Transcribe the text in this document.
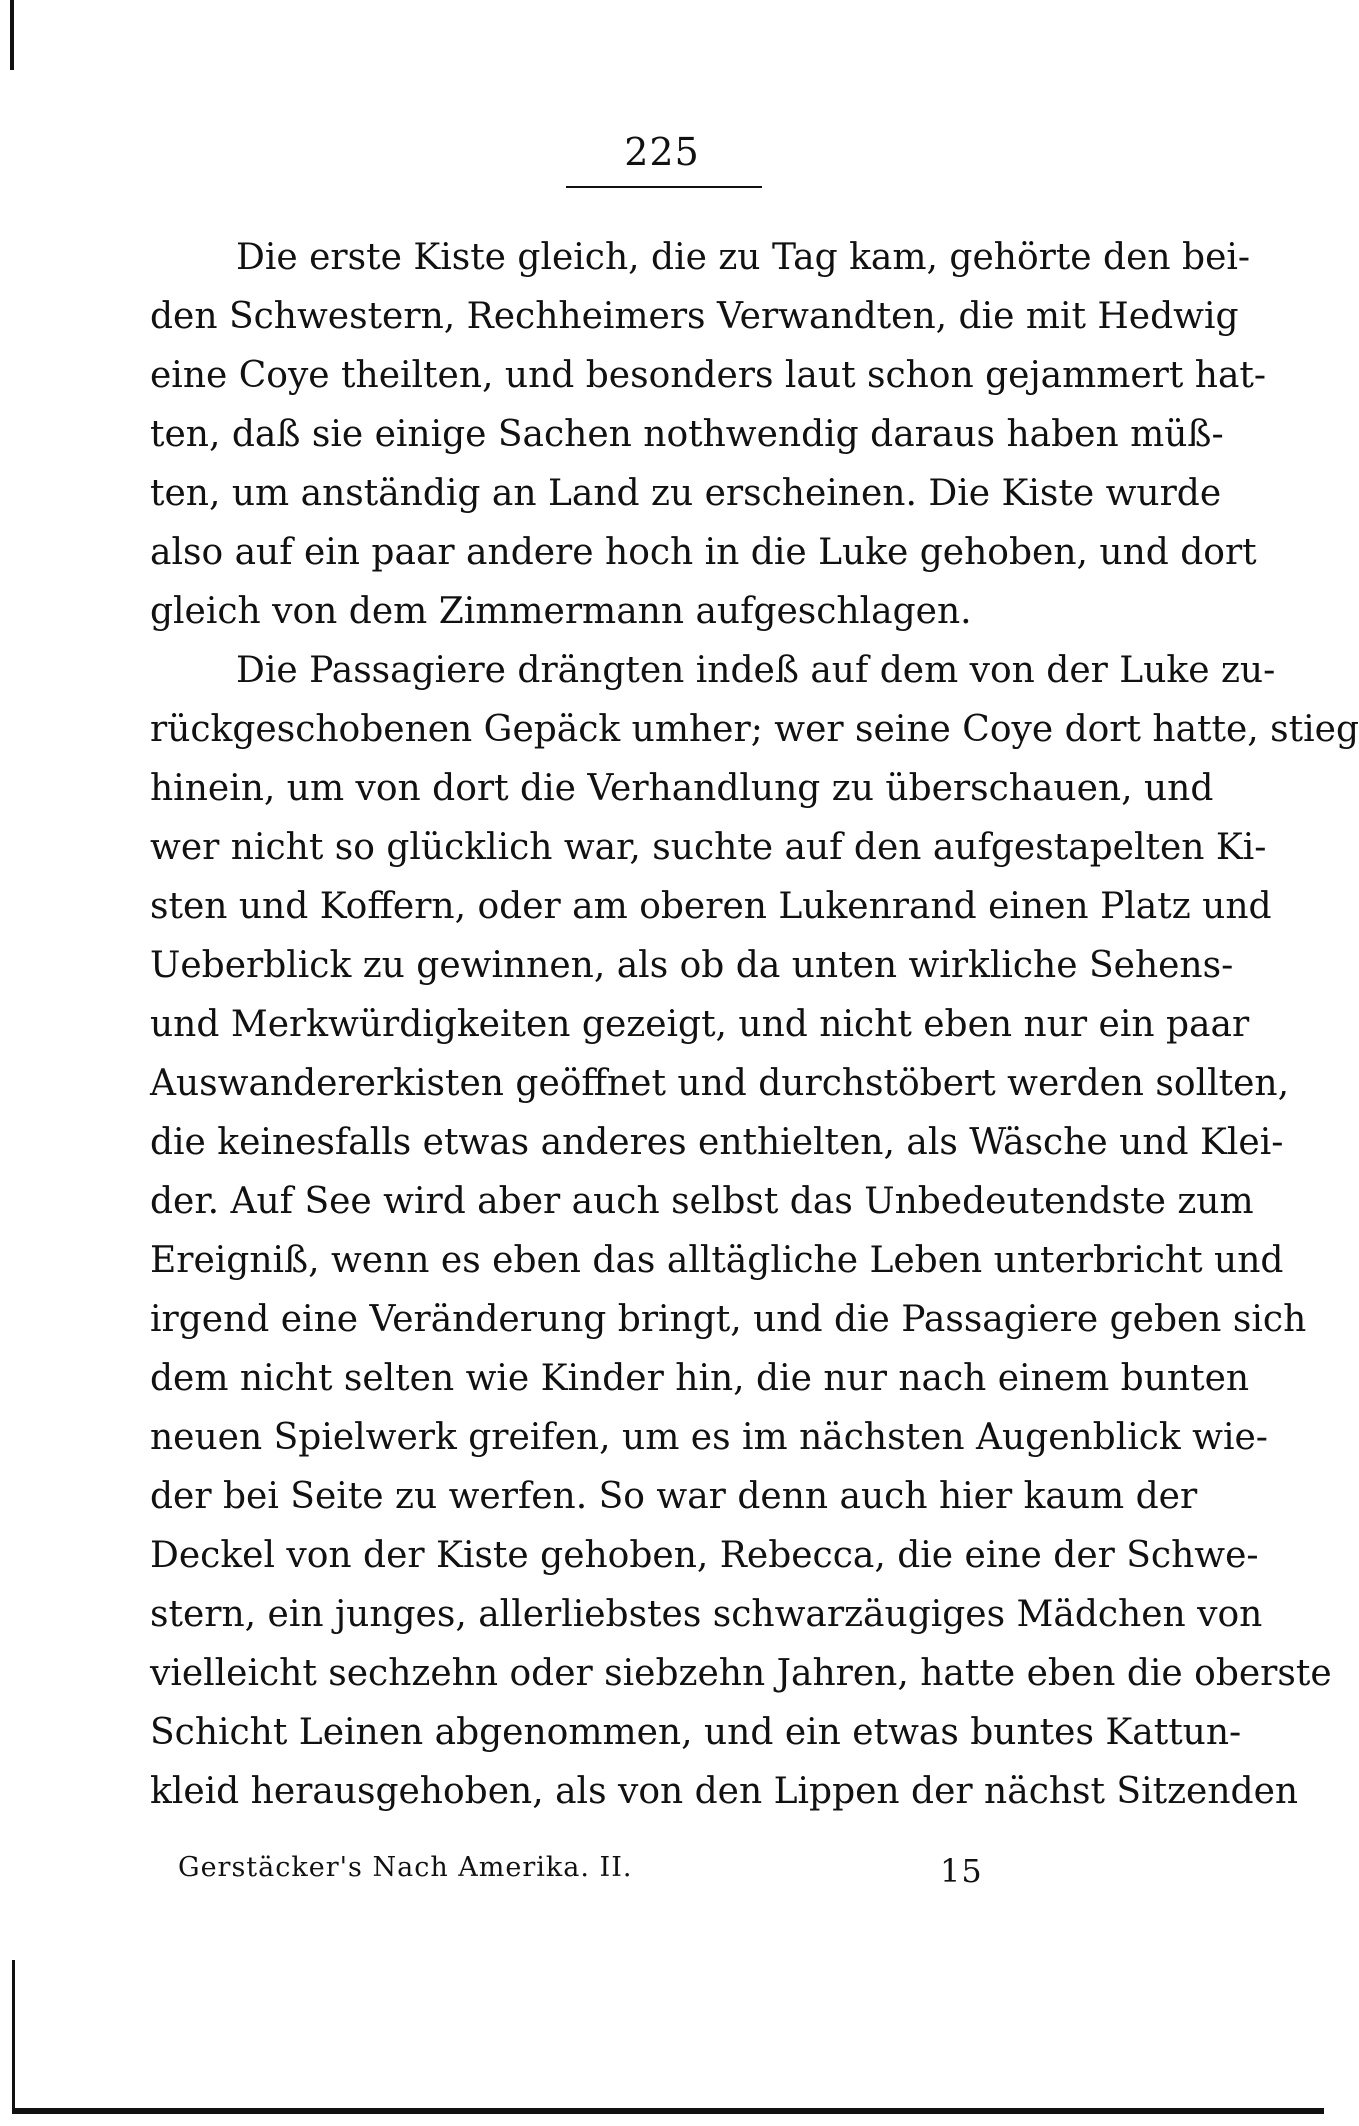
225
Die erste Kiste gleich, die zu Tag kam, gehörte den bei-
den Schwestern, Rechheimers Verwandten, die mit Hedwig
eine Coye theilten, und besonders laut schon gejammert hat-
ten, daß sie einige Sachen nothwendig daraus haben müß-
ten, um anständig an Land zu erscheinen. Die Kiste wurde
also auf ein paar andere hoch in die Luke gehoben, und dort
gleich von dem Zimmermann aufgeschlagen.
Die Passagiere drängten indeß auf dem von der Luke zu-
rückgeschobenen Gepäck umher; wer seine Coye dort hatte, stieg
hinein, um von dort die Verhandlung zu überschauen, und
wer nicht so glücklich war, suchte auf den aufgestapelten Ki-
sten und Koffern, oder am oberen Lukenrand einen Platz und
Ueberblick zu gewinnen, als ob da unten wirkliche Sehens-
und Merkwürdigkeiten gezeigt, und nicht eben nur ein paar
Auswandererkisten geöffnet und durchstöbert werden sollten,
die keinesfalls etwas anderes enthielten, als Wäsche und Klei-
der. Auf See wird aber auch selbst das Unbedeutendste zum
Ereigniß, wenn es eben das alltägliche Leben unterbricht und
irgend eine Veränderung bringt, und die Passagiere geben sich
dem nicht selten wie Kinder hin, die nur nach einem bunten
neuen Spielwerk greifen, um es im nächsten Augenblick wie-
der bei Seite zu werfen. So war denn auch hier kaum der
Deckel von der Kiste gehoben, Rebecca, die eine der Schwe-
stern, ein junges, allerliebstes schwarzäugiges Mädchen von
vielleicht sechzehn oder siebzehn Jahren, hatte eben die oberste
Schicht Leinen abgenommen, und ein etwas buntes Kattun-
kleid herausgehoben, als von den Lippen der nächst Sitzenden
Gerstäcker's Nach Amerika. II.	15
